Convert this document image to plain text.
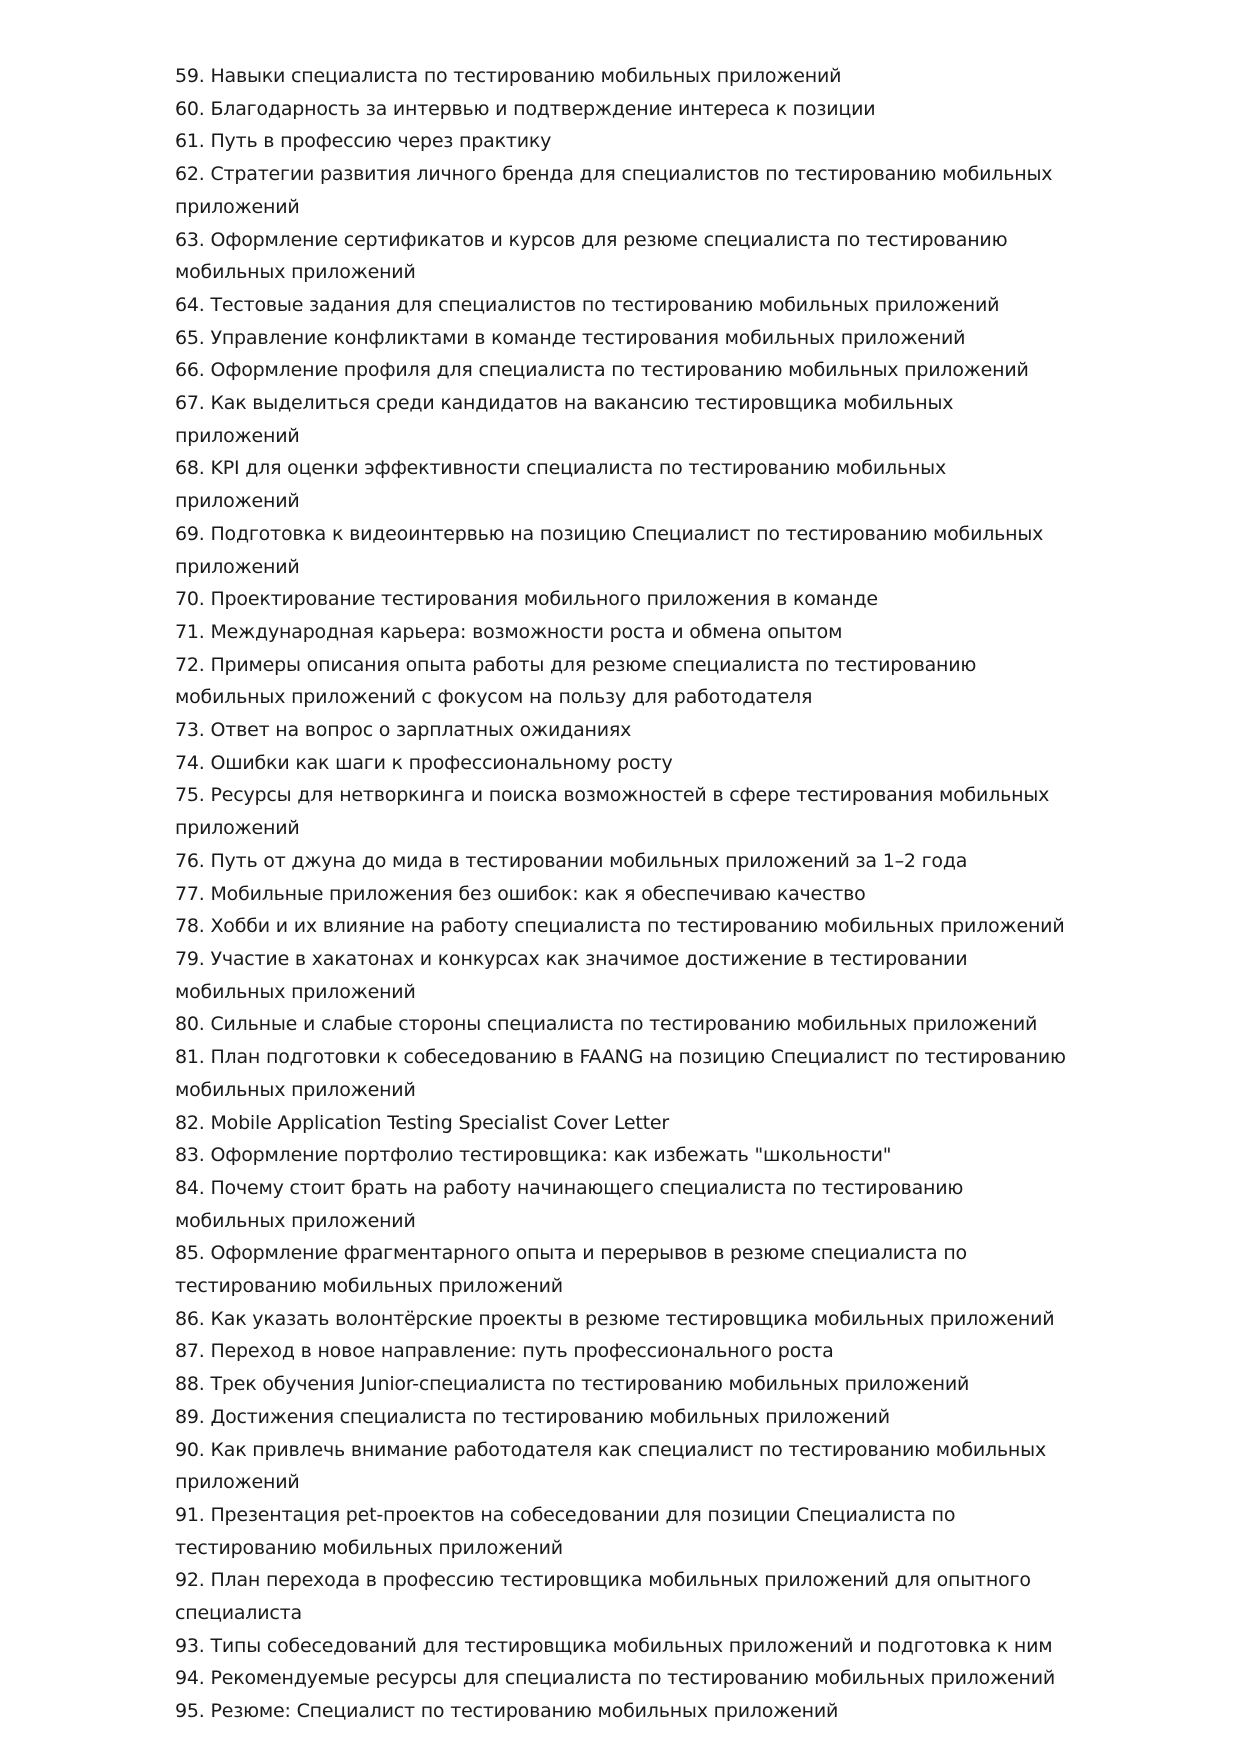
59. Навыки специалиста по тестированию мобильных приложений
60. Благодарность за интервью и подтверждение интереса к позиции
61. Путь в профессию через практику
62. Стратегии развития личного бренда для специалистов по тестированию мобильных приложений
63. Оформление сертификатов и курсов для резюме специалиста по тестированию мобильных приложений
64. Тестовые задания для специалистов по тестированию мобильных приложений
65. Управление конфликтами в команде тестирования мобильных приложений
66. Оформление профиля для специалиста по тестированию мобильных приложений
67. Как выделиться среди кандидатов на вакансию тестировщика мобильных приложений
68. KPI для оценки эффективности специалиста по тестированию мобильных приложений
69. Подготовка к видеоинтервью на позицию Специалист по тестированию мобильных приложений
70. Проектирование тестирования мобильного приложения в команде
71. Международная карьера: возможности роста и обмена опытом
72. Примеры описания опыта работы для резюме специалиста по тестированию мобильных приложений с фокусом на пользу для работодателя
73. Ответ на вопрос о зарплатных ожиданиях
74. Ошибки как шаги к профессиональному росту
75. Ресурсы для нетворкинга и поиска возможностей в сфере тестирования мобильных приложений
76. Путь от джуна до мида в тестировании мобильных приложений за 1–2 года
77. Мобильные приложения без ошибок: как я обеспечиваю качество
78. Хобби и их влияние на работу специалиста по тестированию мобильных приложений
79. Участие в хакатонах и конкурсах как значимое достижение в тестировании мобильных приложений
80. Сильные и слабые стороны специалиста по тестированию мобильных приложений
81. План подготовки к собеседованию в FAANG на позицию Специалист по тестированию мобильных приложений
82. Mobile Application Testing Specialist Cover Letter
83. Оформление портфолио тестировщика: как избежать "школьности"
84. Почему стоит брать на работу начинающего специалиста по тестированию мобильных приложений
85. Оформление фрагментарного опыта и перерывов в резюме специалиста по тестированию мобильных приложений
86. Как указать волонтёрские проекты в резюме тестировщика мобильных приложений
87. Переход в новое направление: путь профессионального роста
88. Трек обучения Junior-специалиста по тестированию мобильных приложений
89. Достижения специалиста по тестированию мобильных приложений
90. Как привлечь внимание работодателя как специалист по тестированию мобильных приложений
91. Презентация pet-проектов на собеседовании для позиции Специалиста по тестированию мобильных приложений
92. План перехода в профессию тестировщика мобильных приложений для опытного специалиста
93. Типы собеседований для тестировщика мобильных приложений и подготовка к ним
94. Рекомендуемые ресурсы для специалиста по тестированию мобильных приложений
95. Резюме: Специалист по тестированию мобильных приложений
